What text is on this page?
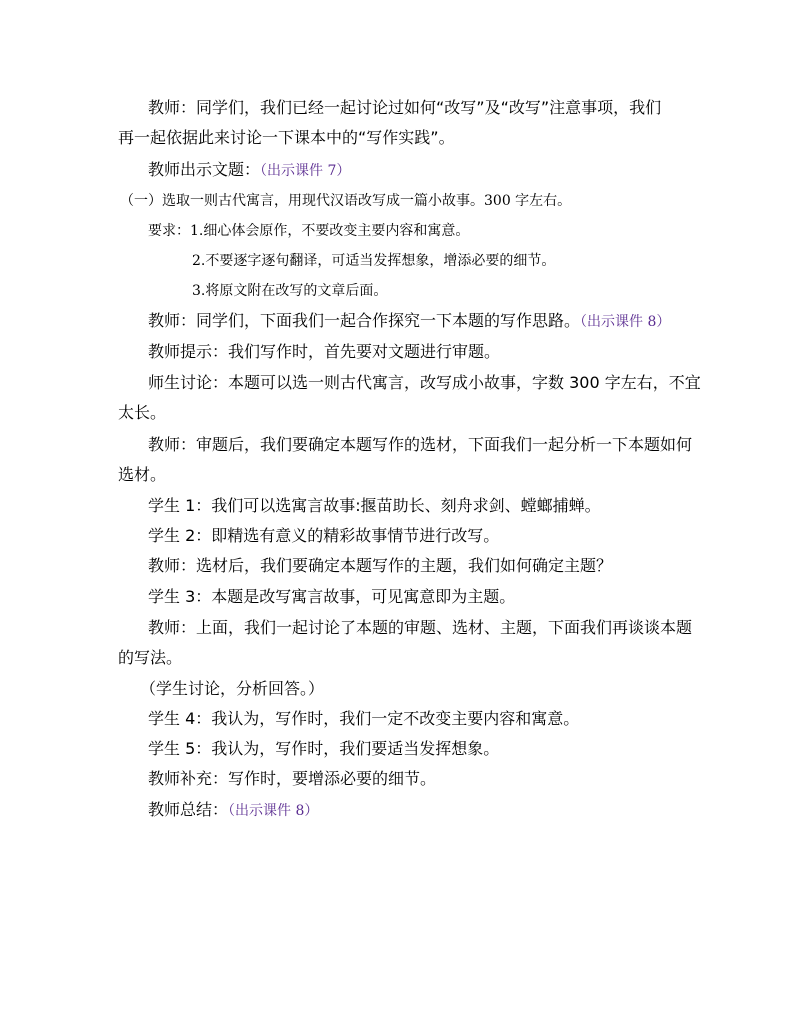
教师：同学们，我们已经一起讨论过如何“改写”及“改写”注意事项，我们
再一起依据此来讨论一下课本中的“写作实践”。
教师出示文题：（出示课件 7）
（一）选取一则古代寓言，用现代汉语改写成一篇小故事。300 字左右。
要求：1.细心体会原作，不要改变主要内容和寓意。
2.不要逐字逐句翻译，可适当发挥想象，增添必要的细节。
3.将原文附在改写的文章后面。
教师：同学们，下面我们一起合作探究一下本题的写作思路。（出示课件 8）
教师提示：我们写作时，首先要对文题进行审题。
师生讨论：本题可以选一则古代寓言，改写成小故事，字数 300 字左右，不宜
太长。
教师：审题后，我们要确定本题写作的选材，下面我们一起分析一下本题如何
选材。
学生 1：我们可以选寓言故事:揠苗助长、刻舟求剑、螳螂捕蝉。
学生 2：即精选有意义的精彩故事情节进行改写。
教师：选材后，我们要确定本题写作的主题，我们如何确定主题？
学生 3：本题是改写寓言故事，可见寓意即为主题。
教师：上面，我们一起讨论了本题的审题、选材、主题，下面我们再谈谈本题
的写法。
（学生讨论，分析回答。）
学生 4：我认为，写作时，我们一定不改变主要内容和寓意。
学生 5：我认为，写作时，我们要适当发挥想象。
教师补充：写作时，要增添必要的细节。
教师总结：（出示课件 8）
